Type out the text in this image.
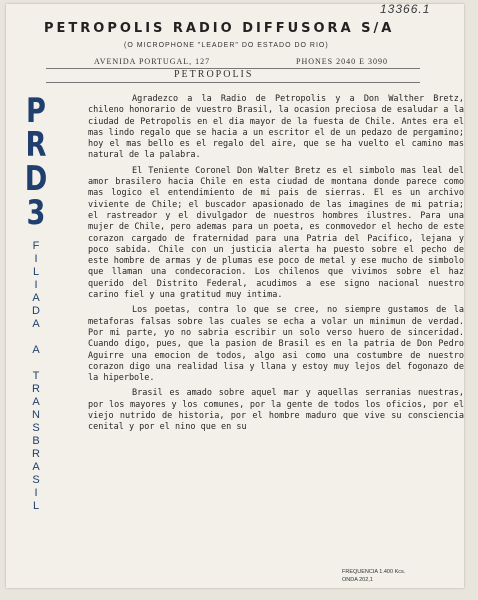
PETROPOLIS RADIO DIFFUSORA S/A
(O MICROPHONE "LEADER" DO ESTADO DO RIO)
AVENIDA PORTUGAL, 127	PHONES 2040 E 3090
PETROPOLIS
P
R
D
3
F
I
L
I
A
D
A

A

T
R
A
N
S
B
R
A
S
I
L

Agradezco a la Radio de Petropolis y a Don Walther Bretz, chileno honorario de vuestro Brasil, la ocasion preciosa de esaludar a la ciudad de Petropolis en el dia mayor de la fuesta de Chile. Antes era el mas lindo regalo que se hacia a un escritor el de un pedazo de pergamino; hoy el mas bello es el regalo del aire, que se ha vuelto el camino mas natural de la palabra.

El Teniente Coronel Don Walter Bretz es el simbolo mas leal del amor brasilero hacia Chile en esta ciudad de montana donde parece como mas logico el entendimiento de mi pais de sierras. El es un archivo viviente de Chile; el buscador apasionado de las imagines de mi patria; el rastreador y el divulgador de nuestros hombres ilustres. Para una mujer de Chile, pero ademas para un poeta, es conmovedor el hecho de este corazon cargado de fraternidad para una Patria del Pacifico, lejana y poco sabida. Chile con un justicia alerta ha puesto sobre el pecho de este hombre de armas y de plumas ese poco de metal y ese mucho de simbolo que llaman una condecoracion. Los chilenos que vivimos sobre el haz querido del Distrito Federal, acudimos a ese signo nacional nuestro carino fiel y una gratitud muy intima.

Los poetas, contra lo que se cree, no siempre gustamos de la metaforas falsas sobre las cuales se echa a volar un minimun de verdad. Por mi parte, yo no sabria escribir un solo verso huero de sinceridad. Cuando digo, pues, que la pasion de Brasil es en la patria de Don Pedro Aguirre una emocion de todos, algo asi como una costumbre de nuestro corazon digo una realidad lisa y llana y estoy muy lejos del fogonazo de la hiperbole.

Brasil es amado sobre aquel mar y aquellas serranias nuestras, por los mayores y los comunes, por la gente de todos los oficios, por el viejo nutrido de historia, por el hombre maduro que vive su consciencia cenital y por el nino que en su

FREQUENCIA 1.400 Kcs.
ONDA 202,1
13366.1
